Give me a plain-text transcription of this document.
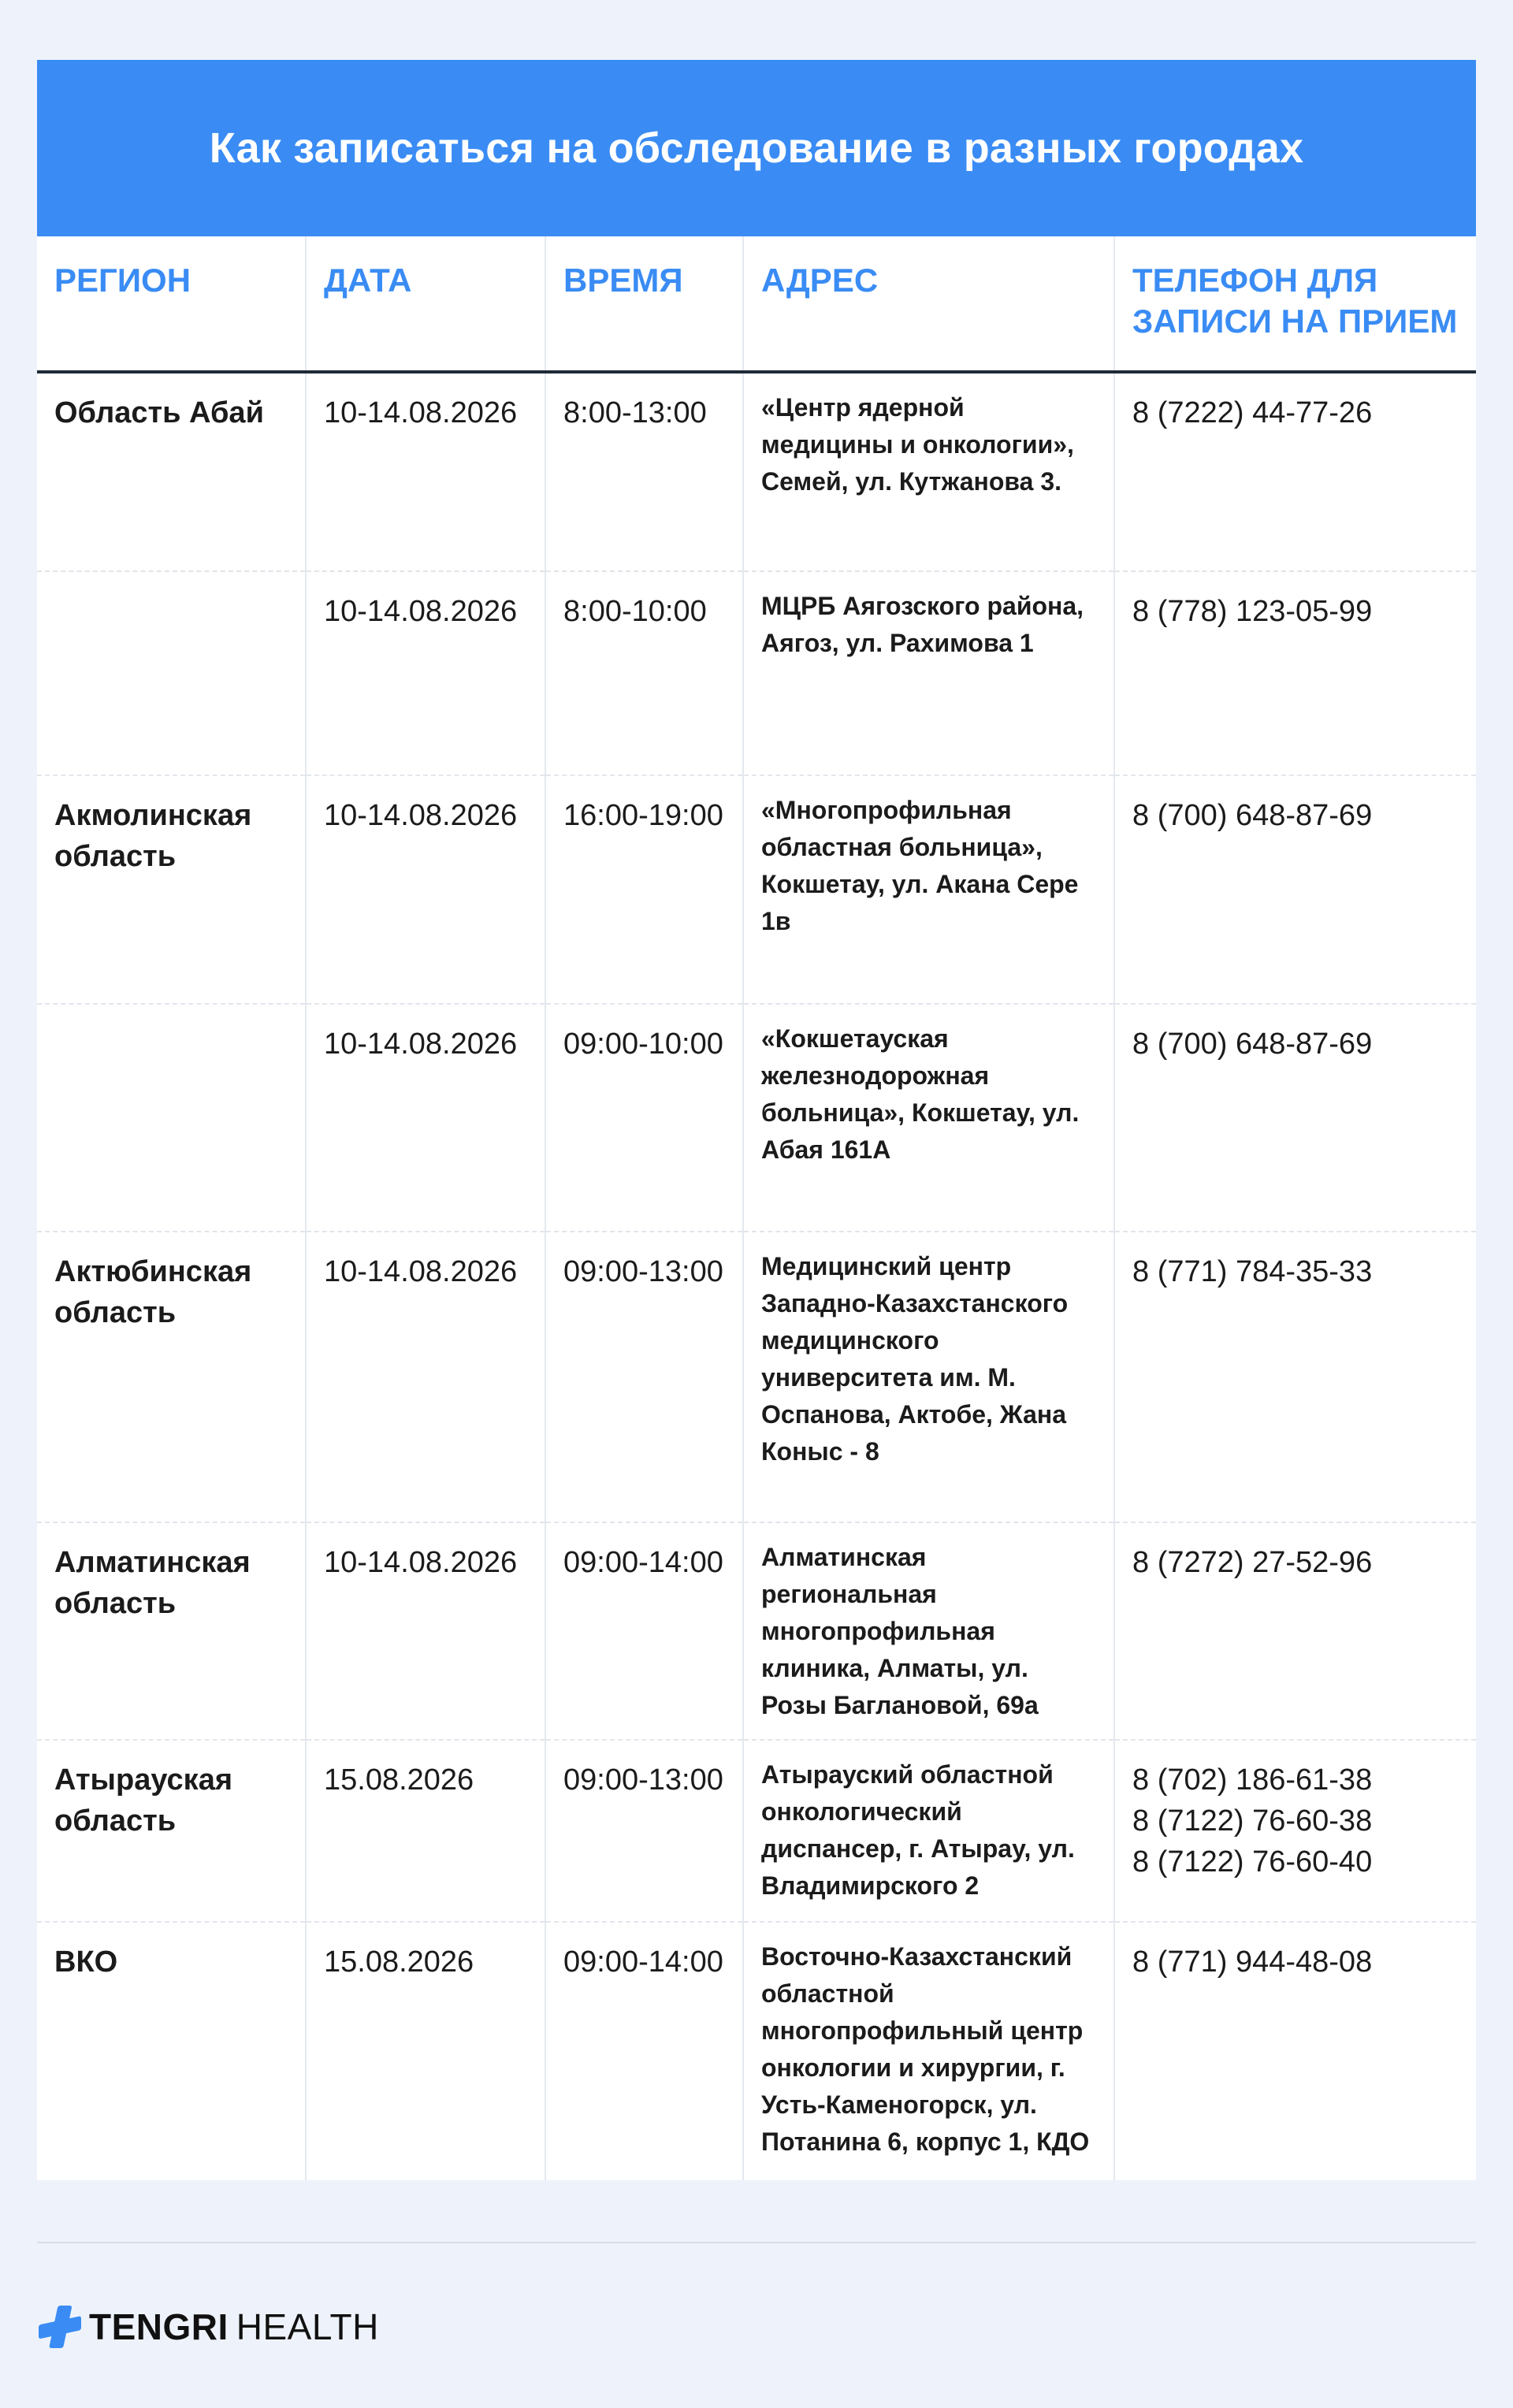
Как записаться на обследование в разных городах
РЕГИОН	ДАТА	ВРЕМЯ	АДРЕС	ТЕЛЕФОН ДЛЯ ЗАПИСИ НА ПРИЕМ
Область Абай	10-14.08.2026	8:00-13:00	«Центр ядерной медицины и онкологии», Семей, ул. Кутжанова 3.	8 (7222) 44-77-26

	10-14.08.2026	8:00-10:00	МЦРБ Аягозского района, Аягоз, ул. Рахимова 1	8 (778) 123-05-99

Акмолинская область	10-14.08.2026	16:00-19:00	«Многопрофильная областная больница», Кокшетау, ул. Акана Сере 1в	8 (700) 648-87-69

	10-14.08.2026	09:00-10:00	«Кокшетауская железнодорожная больница», Кокшетау, ул. Абая 161А	8 (700) 648-87-69

Актюбинская область	10-14.08.2026	09:00-13:00	Медицинский центр Западно-Казахстанского медицинского университета им. М. Оспанова, Актобе, Жана Коныс - 8	8 (771) 784-35-33

Алматинская область	10-14.08.2026	09:00-14:00	Алматинская региональная многопрофильная клиника, Алматы, ул. Розы Баглановой, 69а	8 (7272) 27-52-96

Атырауская область	15.08.2026	09:00-13:00	Атырауский областной онкологический диспансер, г. Атырау, ул. Владимирского 2	8 (702) 186-61-38
8 (7122) 76-60-38
8 (7122) 76-60-40

ВКО	15.08.2026	09:00-14:00	Восточно-Казахстанский областной многопрофильный центр онкологии и хирургии, г. Усть-Каменогорск, ул. Потанина 6, корпус 1, КДО	8 (771) 944-48-08
TENGRI HEALTH
